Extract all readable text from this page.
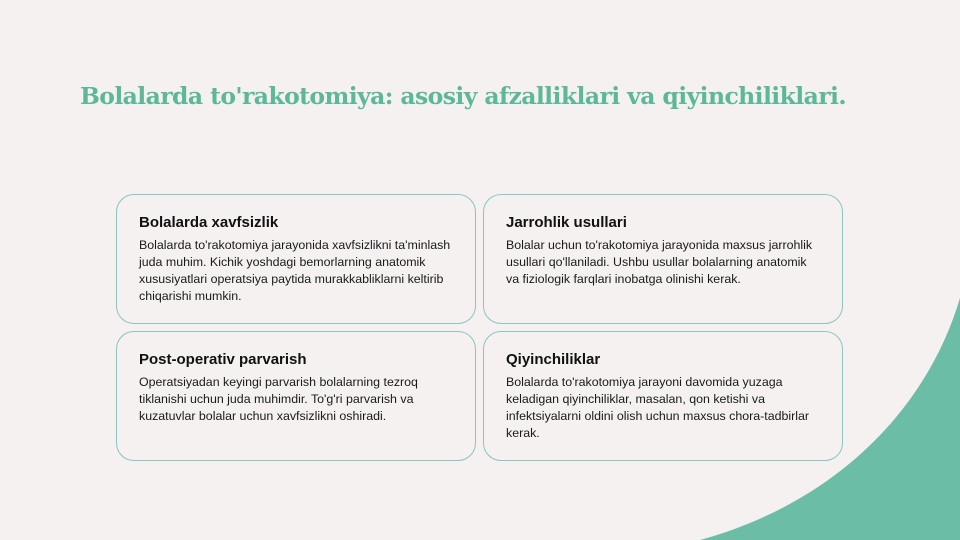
Bolalarda to'rakotomiya: asosiy afzalliklari va qiyinchiliklari.
Bolalarda xavfsizlik

Bolalarda to'rakotomiya jarayonida xavfsizlikni ta'minlash juda muhim. Kichik yoshdagi bemorlarning anatomik xususiyatlari operatsiya paytida murakkabliklarni keltirib chiqarishi mumkin.

Jarrohlik usullari

Bolalar uchun to'rakotomiya jarayonida maxsus jarrohlik usullari qo'llaniladi. Ushbu usullar bolalarning anatomik va fiziologik farqlari inobatga olinishi kerak.

Post-operativ parvarish

Operatsiyadan keyingi parvarish bolalarning tezroq tiklanishi uchun juda muhimdir. To'g'ri parvarish va kuzatuvlar bolalar uchun xavfsizlikni oshiradi.

Qiyinchiliklar

Bolalarda to'rakotomiya jarayoni davomida yuzaga keladigan qiyinchiliklar, masalan, qon ketishi va infektsiyalarni oldini olish uchun maxsus chora-tadbirlar kerak.
